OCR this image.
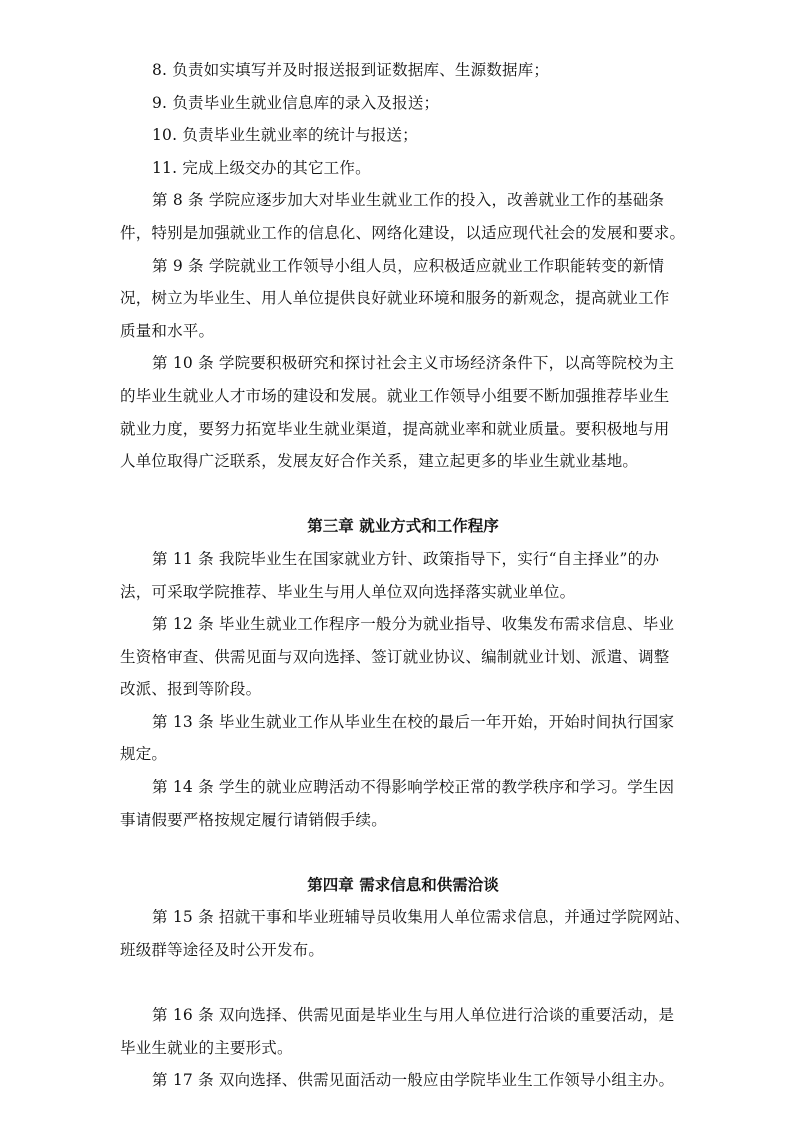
8. 负责如实填写并及时报送报到证数据库、生源数据库；
9. 负责毕业生就业信息库的录入及报送；
10. 负责毕业生就业率的统计与报送；
11. 完成上级交办的其它工作。
第 8 条 学院应逐步加大对毕业生就业工作的投入，改善就业工作的基础条
件，特别是加强就业工作的信息化、网络化建设，以适应现代社会的发展和要求。
第 9 条 学院就业工作领导小组人员，应积极适应就业工作职能转变的新情
况，树立为毕业生、用人单位提供良好就业环境和服务的新观念，提高就业工作
质量和水平。
第 10 条 学院要积极研究和探讨社会主义市场经济条件下，以高等院校为主
的毕业生就业人才市场的建设和发展。就业工作领导小组要不断加强推荐毕业生
就业力度，要努力拓宽毕业生就业渠道，提高就业率和就业质量。要积极地与用
人单位取得广泛联系，发展友好合作关系，建立起更多的毕业生就业基地。
第三章 就业方式和工作程序
第 11 条 我院毕业生在国家就业方针、政策指导下，实行“自主择业”的办
法，可采取学院推荐、毕业生与用人单位双向选择落实就业单位。
第 12 条 毕业生就业工作程序一般分为就业指导、收集发布需求信息、毕业
生资格审查、供需见面与双向选择、签订就业协议、编制就业计划、派遣、调整
改派、报到等阶段。
第 13 条 毕业生就业工作从毕业生在校的最后一年开始，开始时间执行国家
规定。
第 14 条 学生的就业应聘活动不得影响学校正常的教学秩序和学习。学生因
事请假要严格按规定履行请销假手续。
第四章 需求信息和供需洽谈
第 15 条 招就干事和毕业班辅导员收集用人单位需求信息，并通过学院网站、
班级群等途径及时公开发布。
第 16 条 双向选择、供需见面是毕业生与用人单位进行洽谈的重要活动，是
毕业生就业的主要形式。
第 17 条 双向选择、供需见面活动一般应由学院毕业生工作领导小组主办。
